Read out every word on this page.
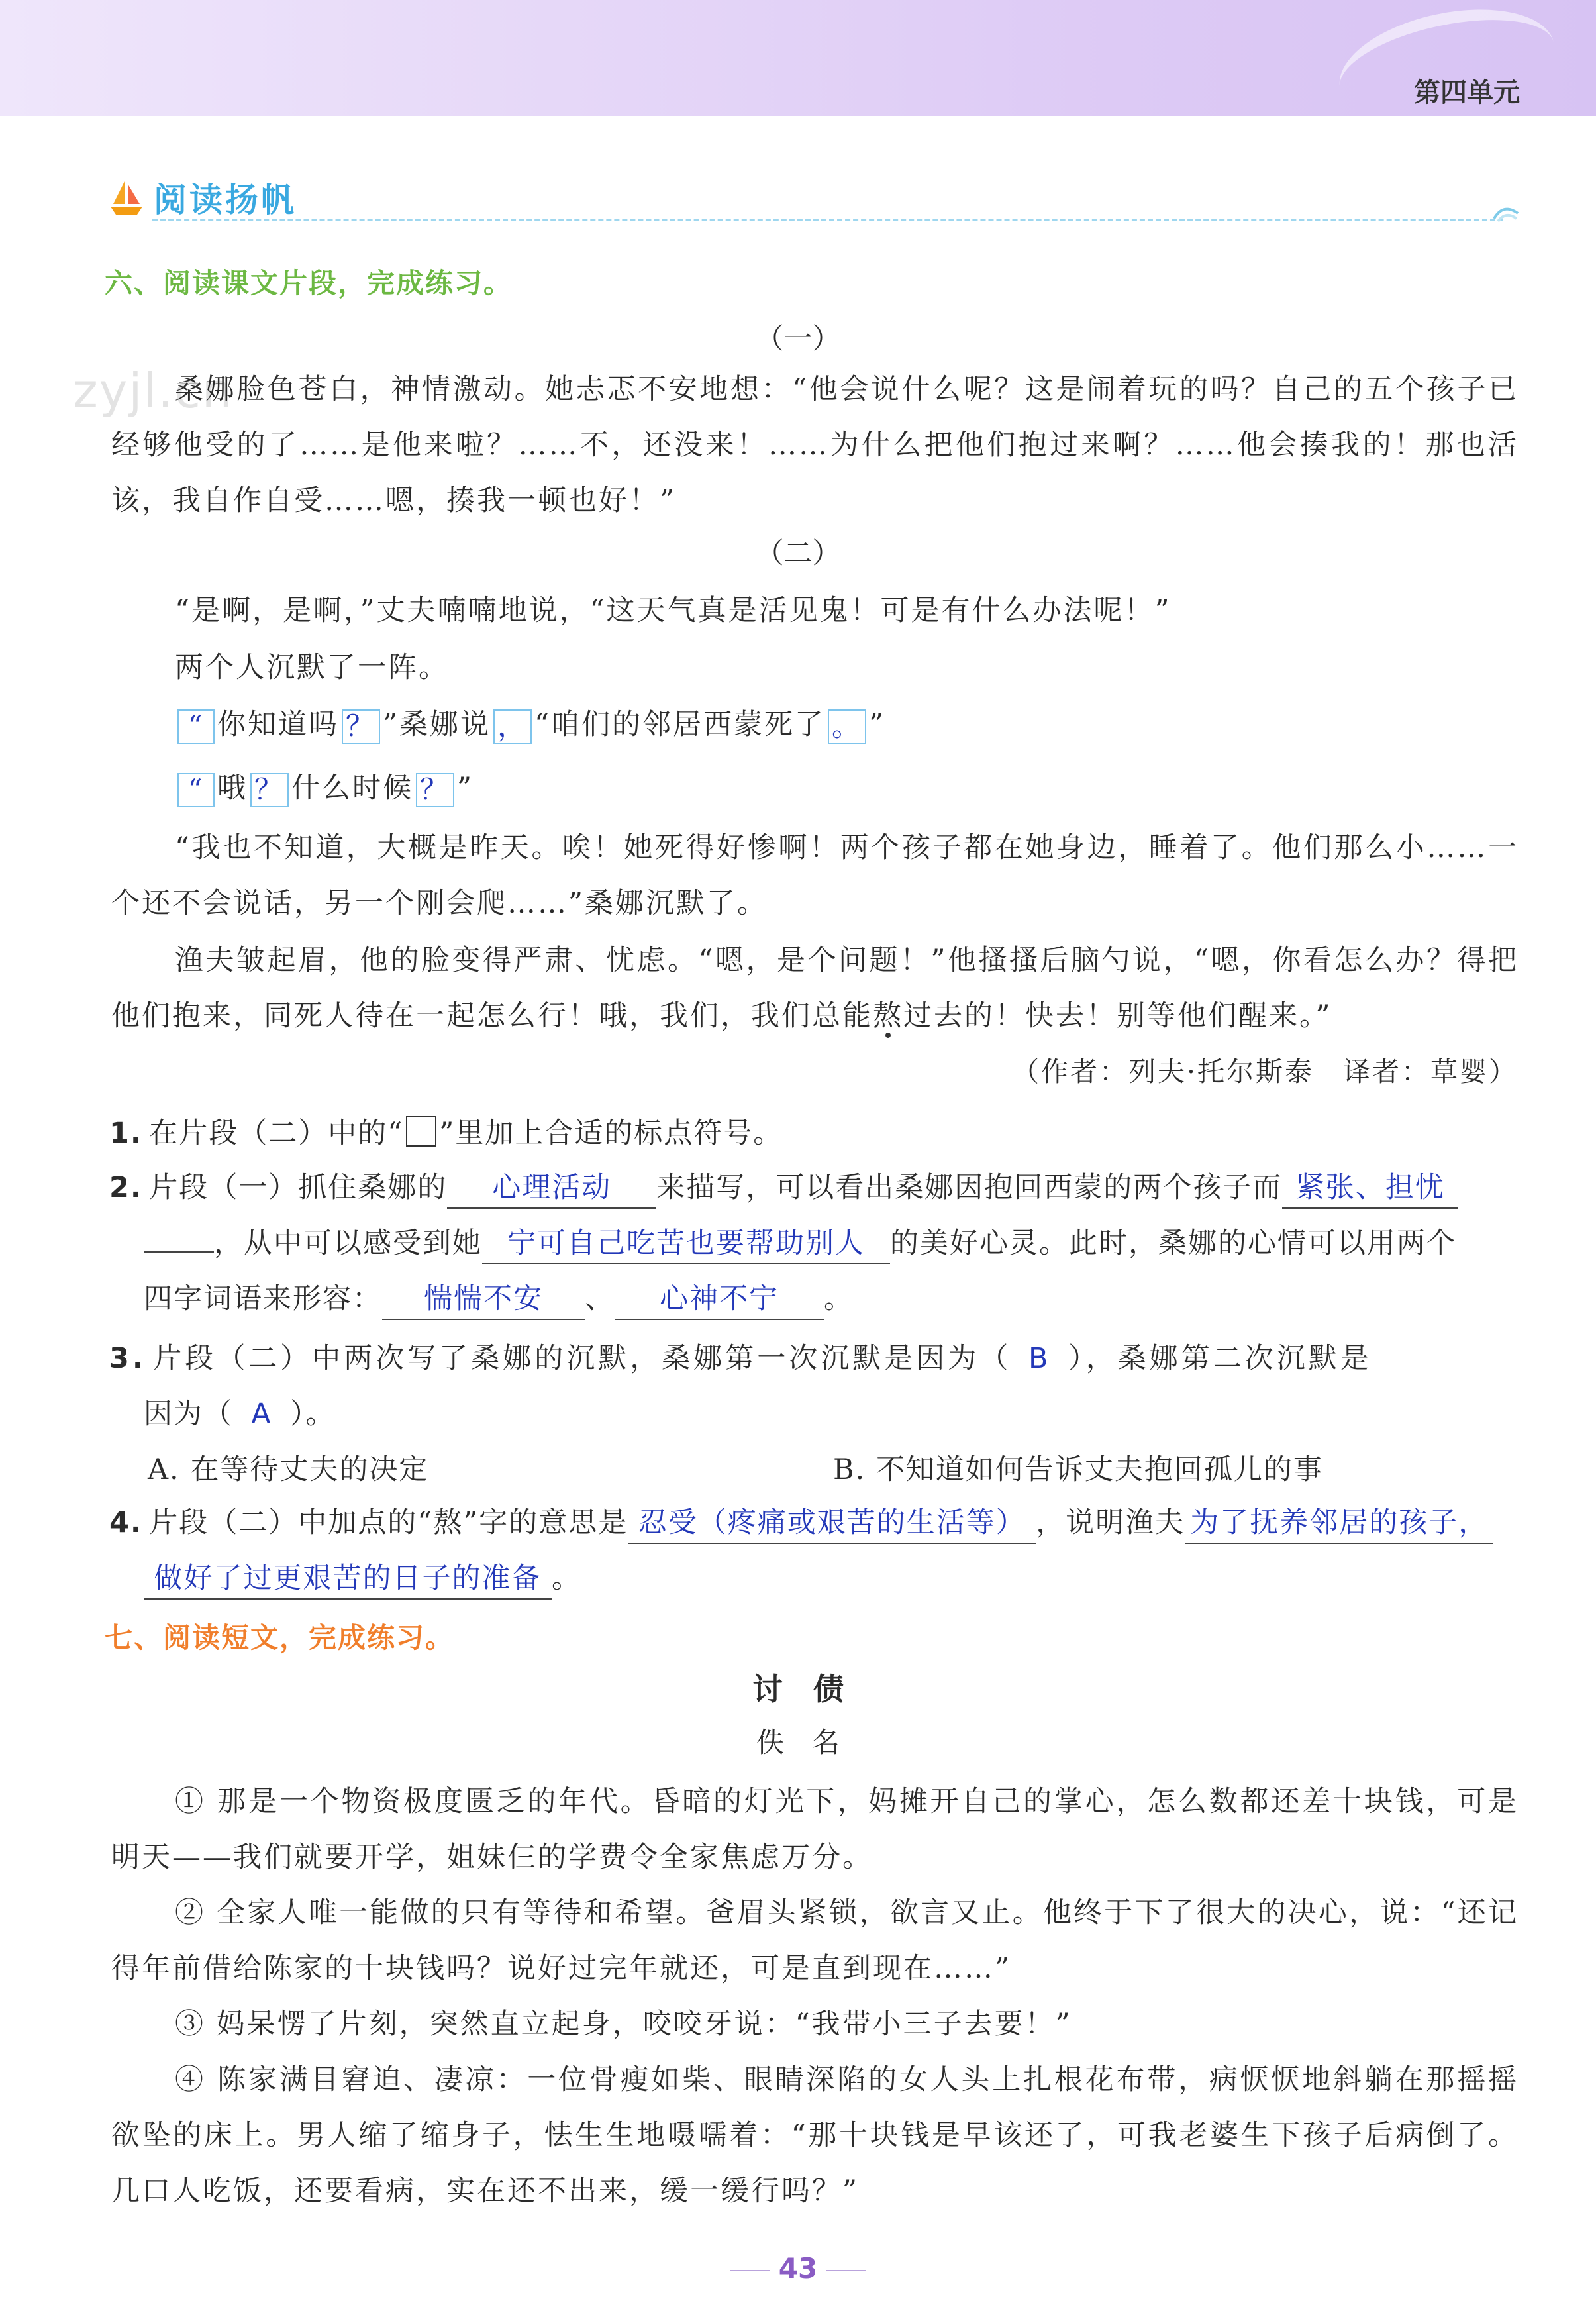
第四单元
阅读扬帆
zyjl.cn
六、阅读课文片段，完成练习。
（一）
桑娜脸色苍白，神情激动。她忐忑不安地想：“他会说什么呢？这是闹着玩的吗？自己的五个孩子已经够他受的了……是他来啦？……不，还没来！……为什么把他们抱过来啊？……他会揍我的！那也活该，我自作自受……嗯，揍我一顿也好！”
（二）
“是啊，是啊，”丈夫喃喃地说，“这天气真是活见鬼！可是有什么办法呢！”
两个人沉默了一阵。
“ 你知道吗 ？ ”桑娜说 ， “咱们的邻居西蒙死了 。 ”
“ 哦 ？ 什么时候 ？ ”
“我也不知道，大概是昨天。唉！她死得好惨啊！两个孩子都在她身边，睡着了。他们那么小……一个还不会说话，另一个刚会爬……”桑娜沉默了。
渔夫皱起眉，他的脸变得严肃、忧虑。“嗯，是个问题！”他搔搔后脑勺说，“嗯，你看怎么办？得把他们抱来，同死人待在一起怎么行！哦，我们，我们总能熬过去的！快去！别等他们醒来。”
（作者：列夫·托尔斯泰　译者：草婴）
1. 在片段（二）中的“ ”里加上合适的标点符号。
2. 片段（一）抓住桑娜的 心理活动 来描写，可以看出桑娜因抱回西蒙的两个孩子而 紧张、担忧
，从中可以感受到她 宁可自己吃苦也要帮助别人 的美好心灵。此时，桑娜的心情可以用两个
四字词语来形容： 惴惴不安 、 心神不宁 。
3. 片段（二）中两次写了桑娜的沉默，桑娜第一次沉默是因为（ B ），桑娜第二次沉默是
因为（ A ）。
A. 在等待丈夫的决定	B. 不知道如何告诉丈夫抱回孤儿的事
4. 片段（二）中加点的“熬”字的意思是 忍受（疼痛或艰苦的生活等） ，说明渔夫 为了抚养邻居的孩子，
做好了过更艰苦的日子的准备 。
七、阅读短文，完成练习。
讨　债
佚　名
① 那是一个物资极度匮乏的年代。昏暗的灯光下，妈摊开自己的掌心，怎么数都还差十块钱，可是明天——我们就要开学，姐妹仨的学费令全家焦虑万分。
② 全家人唯一能做的只有等待和希望。爸眉头紧锁，欲言又止。他终于下了很大的决心，说：“还记得年前借给陈家的十块钱吗？说好过完年就还，可是直到现在……”
③ 妈呆愣了片刻，突然直立起身，咬咬牙说：“我带小三子去要！”
④ 陈家满目窘迫、凄凉：一位骨瘦如柴、眼睛深陷的女人头上扎根花布带，病恹恹地斜躺在那摇摇欲坠的床上。男人缩了缩身子，怯生生地嗫嚅着：“那十块钱是早该还了，可我老婆生下孩子后病倒了。几口人吃饭，还要看病，实在还不出来，缓一缓行吗？”
43
